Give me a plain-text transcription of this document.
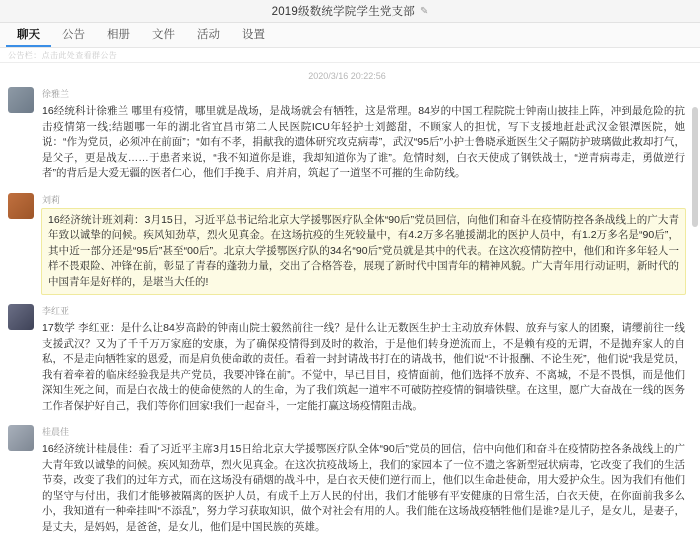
2019级数统学院学生党支部 ✎
聊天	公告	相册	文件	活动	设置
公告栏：点击此处查看群公告
2020/3/16 20:22:56
徐雅兰
16经统科计徐雅兰 哪里有疫情，哪里就是战场，是战场就会有牺牲，这是常理。84岁的中国工程院院士钟南山披挂上阵，冲到最危险的抗击疫情第一线;结题哪一年的湖北省宜昌市第二人民医院ICU年轻护士刘懿甜，不顾家人的担忧，写下支援地赶赴武汉金银潭医院，她说：“作为党员，必须冲在前面”；“如有不孝，捐献我的遗体研究攻克病毒”，武汉“95后”小护士鲁晓承逝医生父子隔防护玻璃做此救却打气，是父子，更是战友……于患者来说，“我不知道你是谁，我却知道你为了谁”。危情时刻，白衣天使成了钢铁战士，“逆青病毒走，勇做逆行者”的背后是大爱无疆的医者仁心，他们手挽手、肩并肩，筑起了一道坚不可摧的生命防线。
刘莉
16经济统计班刘莉：3月15日，习近平总书记给北京大学援鄂医疗队全体“90后”党员回信，向他们和奋斗在疫情防控各条战线上的广大青年致以诚挚的问候。疾风知劲草，烈火见真金。在这场抗疫的生死较量中，有4.2万多名驰援湖北的医护人员中，有1.2万多名是“90后”，其中近一部分还是“95后”甚至“00后”。北京大学援鄂医疗队的34名“90后”党员就是其中的代表。在这次疫情防控中，他们和许多年轻人一样不畏艰险、冲锋在前，彰显了青春的蓬勃力量，交出了合格答卷，展现了新时代中国青年的精神风貌。广大青年用行动证明，新时代的中国青年是好样的，是堪当大任的!
李红亚
17数学 李红亚：是什么让84岁高龄的钟南山院士毅然前往一线？是什么让无数医生护士主动放弃休假、放弃与家人的团聚，请缨前往一线支援武汉？又为了千千万万家庭的安康，为了确保疫情得到及时的救治，于是他们转身逆流而上，不是赖有疫的无谓，不是抛弃家人的自私，不是走向牺牲家的恩爱，而是肩负使命敢的责任。看着一封封请战书打在的请战书，他们说“不计报酬、不论生死”，他们说“我是党员，我有着牵着的临床经验我是共产党员，我要冲锋在前”。不觉中，早已目目，疫情面前，他们选择不放弃、不离城，不是不畏惧，而是他们深知生死之间，而是白衣战士的使命使然的人的生命，为了我们筑起一道牢不可破防控疫情的铜墙铁壁。在这里，愿广大奋战在一线的医务工作者保护好自己，我们等你们回家!我们一起奋斗，一定能打赢这场疫情阻击战。
桂晨佳
16经济统计桂晨佳：看了习近平主席3月15日给北京大学援鄂医疗队全体“90后”党员的回信，信中向他们和奋斗在疫情防控各条战线上的广大青年致以诚挚的问候。疾风知劲草，烈火见真金。在这次抗疫战场上，我们的家园本了一位不遗之客新型冠状病毒，它改变了我们的生活节奏，改变了我们的过年方式，而在这场没有硝烟的战斗中，是白衣天使们逆行而上，他们以生命赴使命，用大爱护众生。因为我们有他们的坚守与付出，我们才能够被隔离的医护人员，有成千上万人民的付出，我们才能够有平安健康的日常生活，白衣天使，在你面前我多么小，我知道有一种牵挂叫“不添乱”，努力学习获取知识，做个对社会有用的人。我们能在这场战疫牺牲他们是谁?是儿子，是女儿，是妻子，是丈夫，是妈妈，是爸爸，是女儿，他们是中国民族的英雄。
